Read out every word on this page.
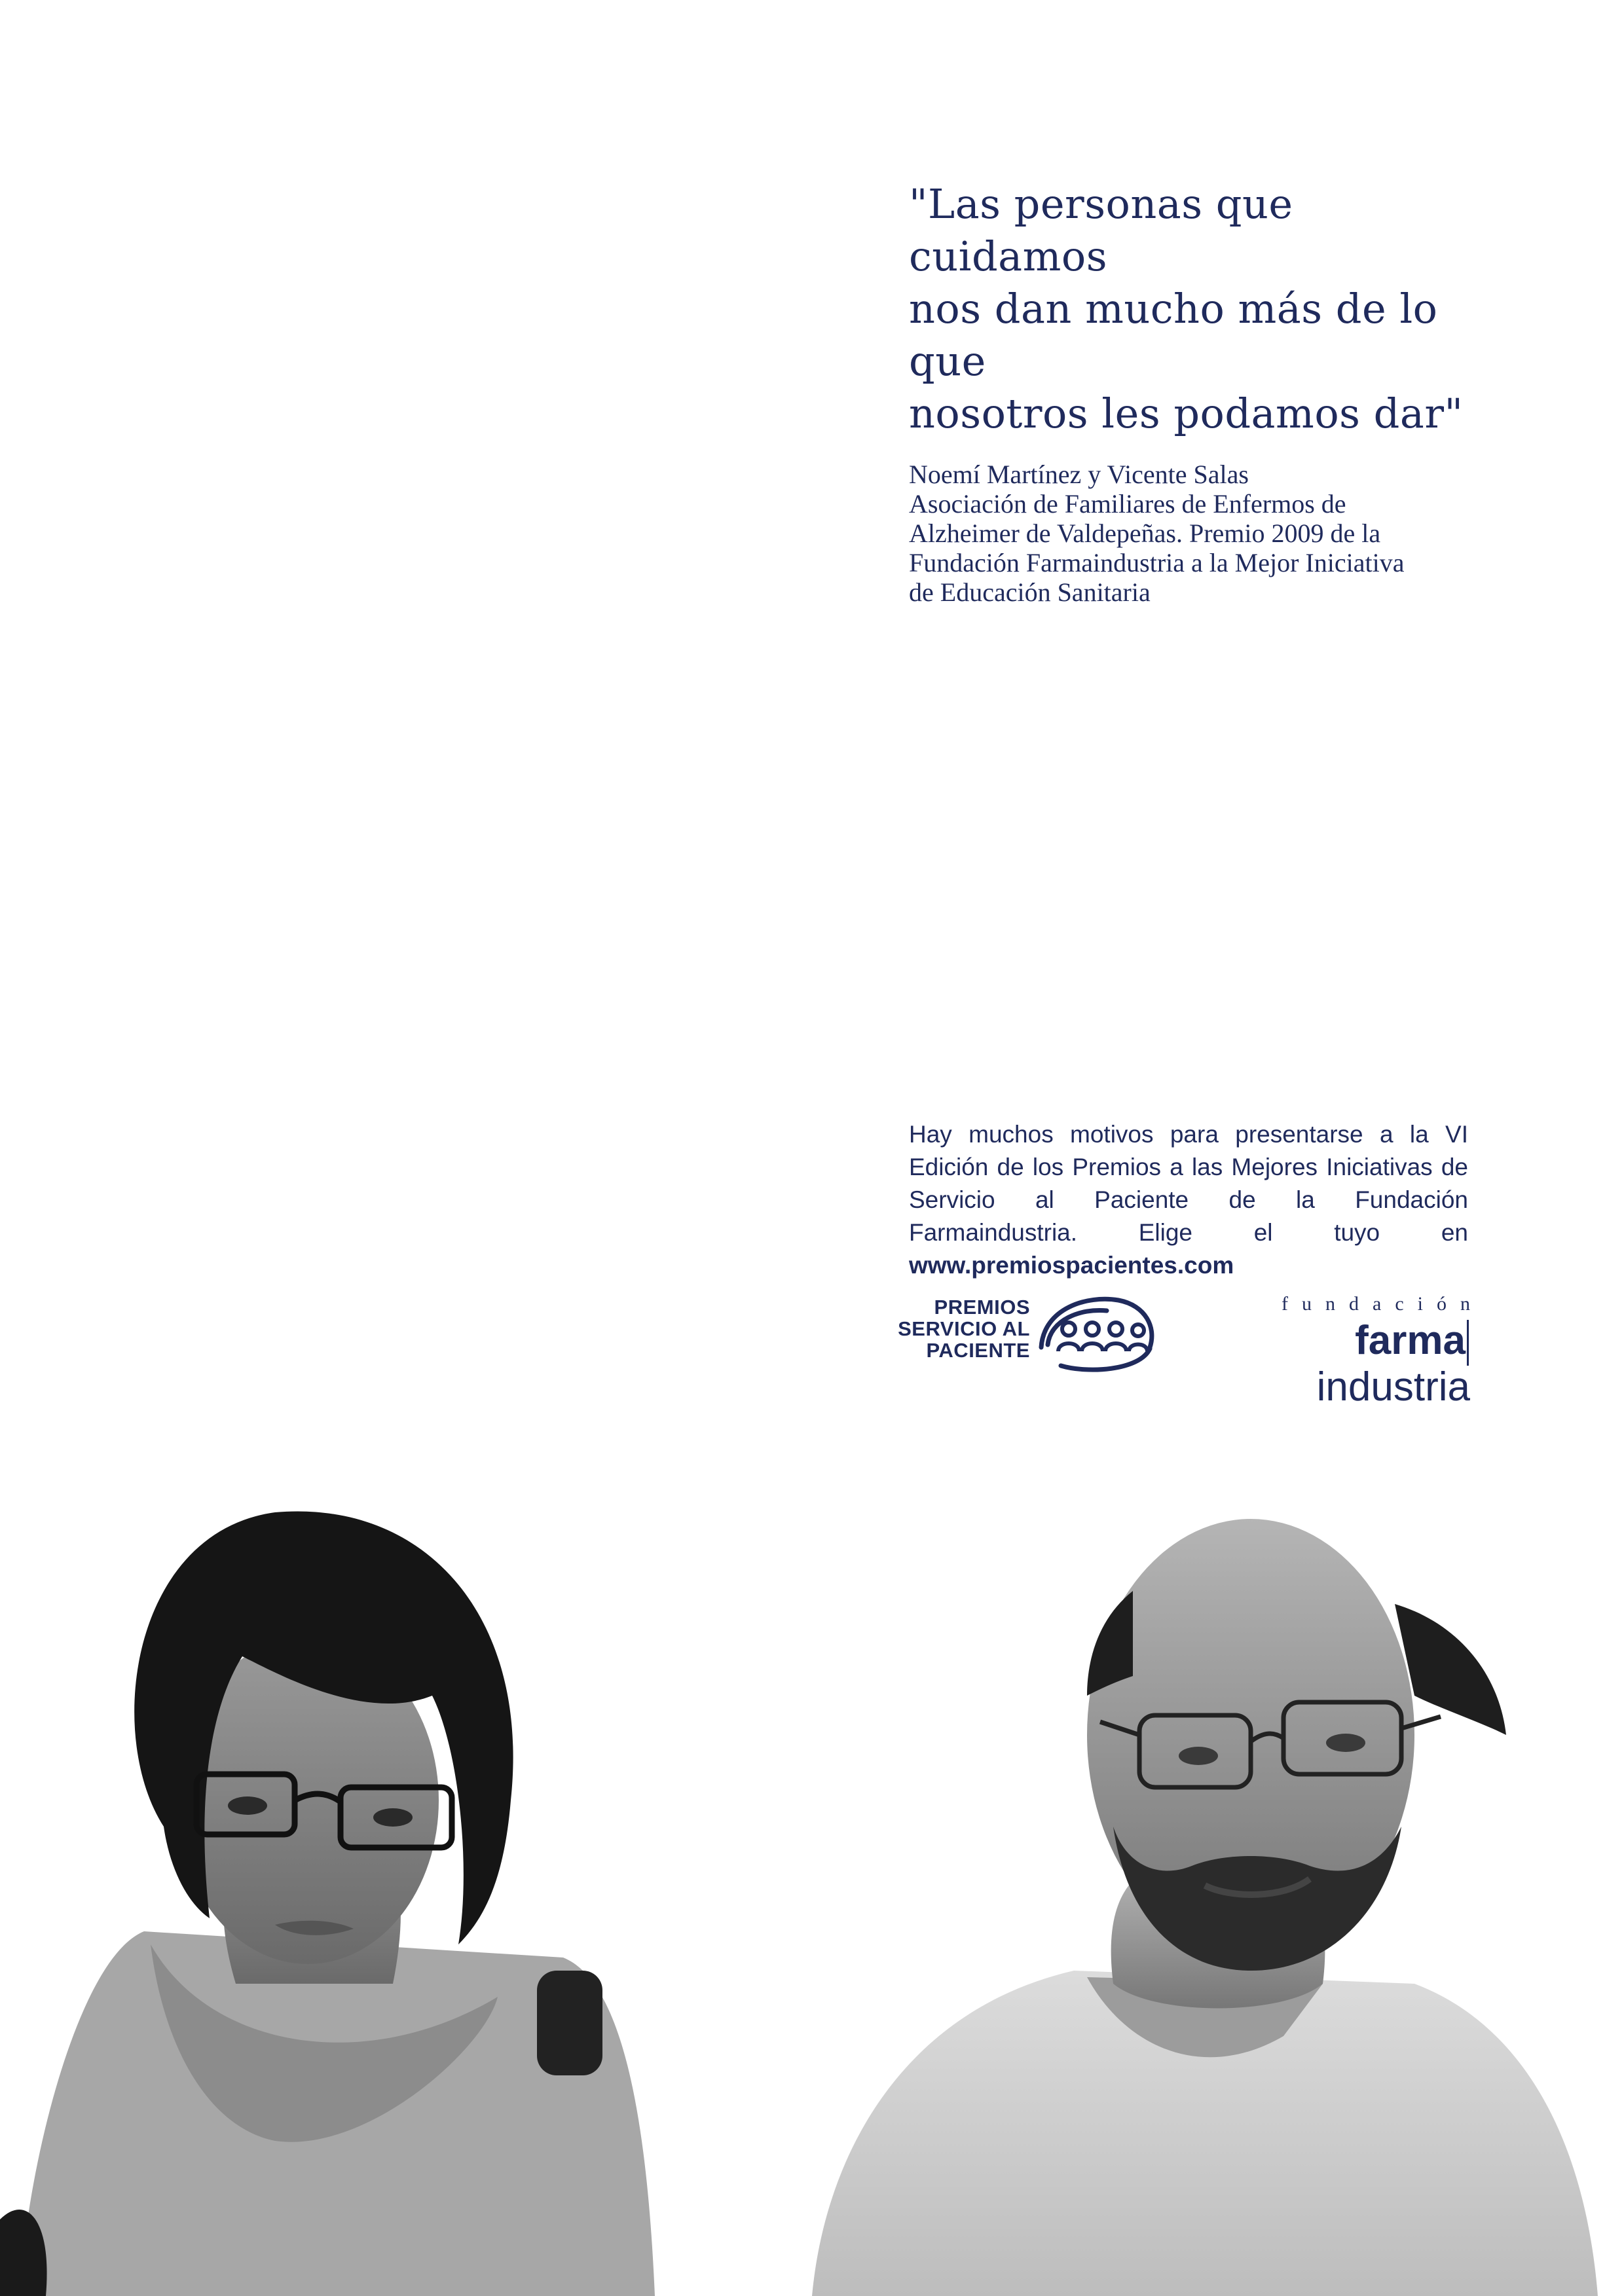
"Las personas que cuidamos
nos dan mucho más de lo que
nosotros les podamos dar"

Noemí Martínez y Vicente Salas
Asociación de Familiares de Enfermos de
Alzheimer de Valdepeñas. Premio 2009 de la
Fundación Farmaindustria a la Mejor Iniciativa
de Educación Sanitaria
Hay muchos motivos para presentarse a la VI Edición de los Premios a las Mejores Iniciativas de Servicio al Paciente de la Fundación Farmaindustria.	Elige el tuyo en www.premiospacientes.com
PREMIOS
SERVICIO AL
PACIENTE
fundación
farmaindustria
